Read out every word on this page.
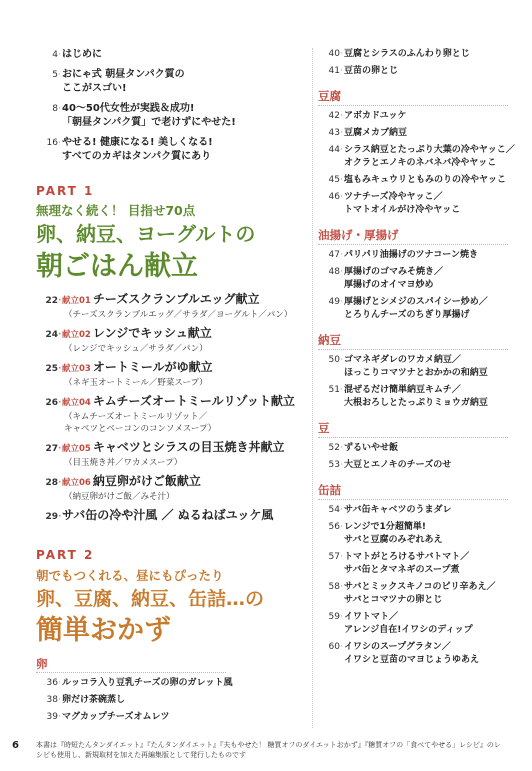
4·はじめに
5·おにゃ式 朝昼タンパク質の
ここがスゴい!
8·40〜50代女性が実践＆成功!
「朝昼タンパク質」で老けずにやせた!
16·やせる! 健康になる! 美しくなる!
すべてのカギはタンパク質にあり
PART 1
無理なく続く！ 目指せ70点
卵、納豆、ヨーグルトの
朝ごはん献立
22·献立01 チーズスクランブルエッグ献立
（チーズスクランブルエッグ／サラダ／ヨーグルト／パン）
24·献立02 レンジでキッシュ献立
（レンジでキッシュ／サラダ／パン）
25·献立03 オートミールがゆ献立
（ネギ玉オートミール／野菜スープ）
26·献立04 キムチーズオートミールリゾット献立
（キムチーズオートミールリゾット／
キャベツとベーコンのコンソメスープ）
27·献立05 キャベツとシラスの目玉焼き丼献立
（目玉焼き丼／ワカメスープ）
28·献立06 納豆卵がけご飯献立
（納豆卵がけご飯／みそ汁）
29·サバ缶の冷や汁風 ／ ぬるねばユッケ風
PART 2
朝でもつくれる、昼にもぴったり
卵、豆腐、納豆、缶詰…の
簡単おかず
卵
36·ルッコラ入り豆乳チーズの卵のガレット風
38·卵だけ茶碗蒸し
39·マグカップチーズオムレツ
40·豆腐とシラスのふんわり卵とじ
41·豆苗の卵とじ
豆腐
42·アボカドユッケ
43·豆腐メカブ納豆
44·シラス納豆とたっぷり大葉の冷やヤッこ／
オクラとエノキのネバネバ冷やヤッこ
45·塩もみキュウリともみのりの冷やヤッこ
46·ツナチーズ冷やヤッこ／
トマトオイルがけ冷やヤッこ
油揚げ・厚揚げ
47·パリパリ油揚げのツナコーン焼き
48·厚揚げのゴマみそ焼き／
厚揚げのオイマヨ炒め
49·厚揚げとシメジのスパイシー炒め／
とろりんチーズのちぎり厚揚げ
納豆
50·ゴマネギダレのワカメ納豆／
ほっこりコマツナとおかかの和納豆
51·混ぜるだけ簡単納豆キムチ／
大根おろしとたっぷりミョウガ納豆
豆
52·ずるいやせ飯
53·大豆とエノキのチーズのせ
缶詰
54·サバ缶キャベツのうまダレ
56·レンジで1分超簡単!
サバと豆腐のみぞれあえ
57·トマトがとろけるサバトマト／
サバ缶とタマネギのスープ煮
58·サバとミックスキノコのピリ辛あえ／
サバとコマツナの卵とじ
59·イワトマト／
アレンジ自在!イワシのディップ
60·イワシのスープグラタン／
イワシと豆苗のマヨじょうゆあえ
6 本書は『時短たんタンダイエット』『たんタンダイエット』『夫もやせた！ 糖質オフのダイエットおかず』『糖質オフの「食べてやせる」レシピ』のレシピも使用し、新規取材を加えた再編集版として発行したものです
